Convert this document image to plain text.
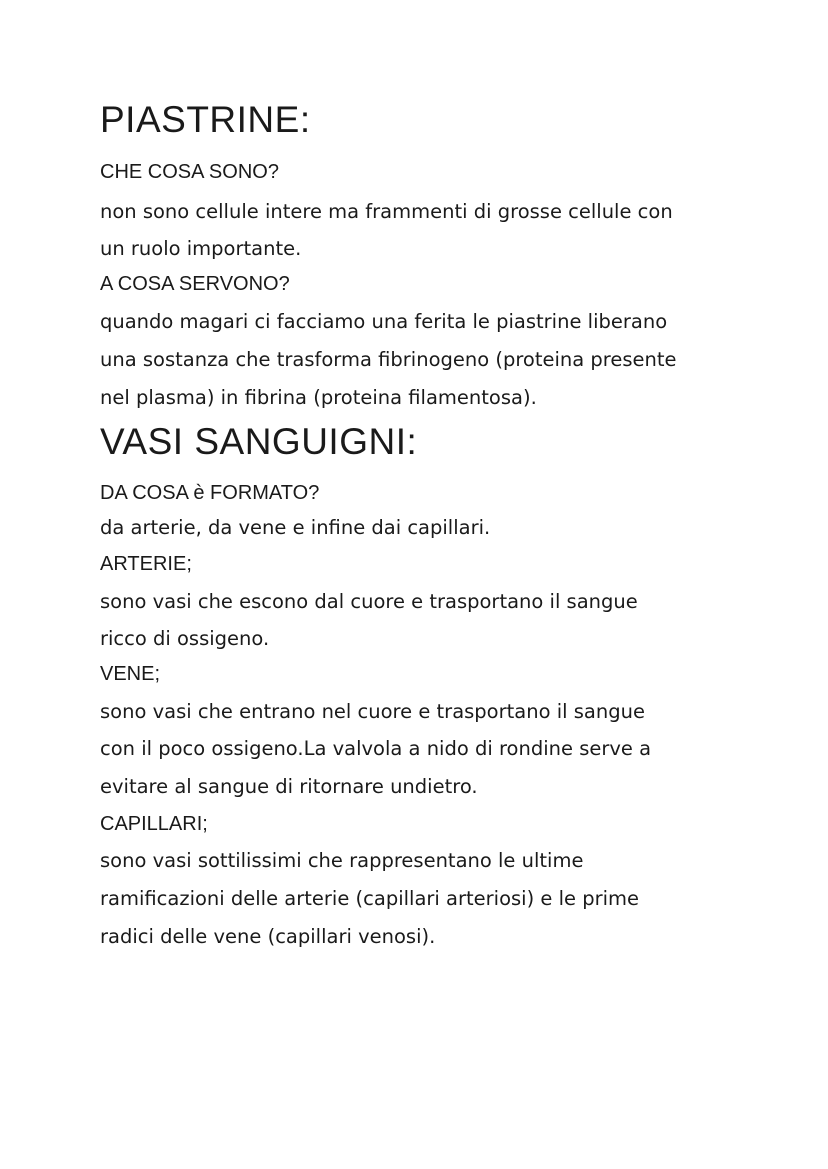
PIASTRINE:
CHE COSA SONO?
non sono cellule intere ma frammenti di grosse cellule con
un ruolo importante.
A COSA SERVONO?
quando magari ci facciamo una ferita le piastrine liberano
una sostanza che trasforma fibrinogeno (proteina presente
nel plasma) in fibrina (proteina filamentosa).
VASI SANGUIGNI:
DA COSA è FORMATO?
da arterie, da vene e infine dai capillari.
ARTERIE;
sono vasi che escono dal cuore e trasportano il sangue
ricco di ossigeno.
VENE;
sono vasi che entrano nel cuore e trasportano il sangue
con il poco ossigeno.La valvola a nido di rondine serve a
evitare al sangue di ritornare undietro.
CAPILLARI;
sono vasi sottilissimi che rappresentano le ultime
ramificazioni delle arterie (capillari arteriosi) e le prime
radici delle vene (capillari venosi).
